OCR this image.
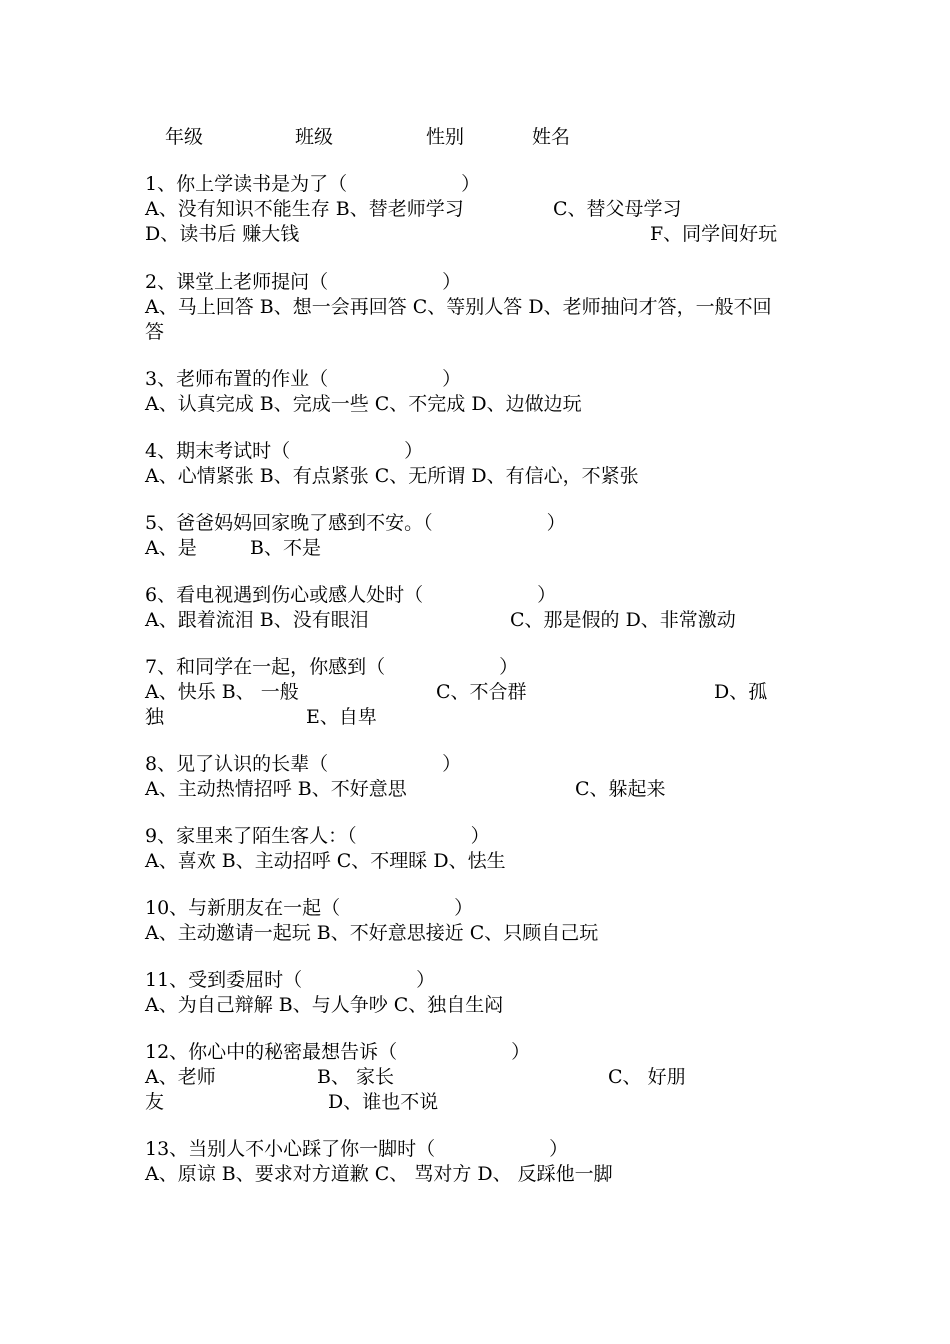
年级	班级	性别	姓名
1、你上学读书是为了（　　　　　　）
A、没有知识不能生存 B、替老师学习	C、替父母学习
D、读书后 赚大钱	F、同学间好玩
2、课堂上老师提问（　　　　　　）
A、马上回答 B、想一会再回答 C、等别人答 D、老师抽问才答，一般不回
答
3、老师布置的作业（　　　　　　）
A、认真完成 B、完成一些 C、不完成 D、边做边玩
4、期末考试时（　　　　　　）
A、心情紧张 B、有点紧张 C、无所谓 D、有信心，不紧张
5、爸爸妈妈回家晚了感到不安。（　　　　　　）
A、是	B、不是
6、看电视遇到伤心或感人处时（　　　　　　）
A、跟着流泪 B、没有眼泪	C、那是假的 D、非常激动
7、和同学在一起，你感到（　　　　　　）
A、快乐 B、 一般	C、不合群	D、孤
独	E、自卑
8、见了认识的长辈（　　　　　　）
A、主动热情招呼 B、不好意思	C、躲起来
9、家里来了陌生客人：（　　　　　　）
A、喜欢 B、主动招呼 C、不理睬 D、怯生
10、与新朋友在一起（　　　　　　）
A、主动邀请一起玩 B、不好意思接近 C、只顾自己玩
11、受到委屈时（　　　　　　）
A、为自己辩解 B、与人争吵 C、独自生闷
12、你心中的秘密最想告诉（　　　　　　）
A、老师	B、 家长	C、 好朋
友	D、谁也不说
13、当别人不小心踩了你一脚时（　　　　　　）
A、原谅 B、要求对方道歉 C、 骂对方 D、 反踩他一脚
